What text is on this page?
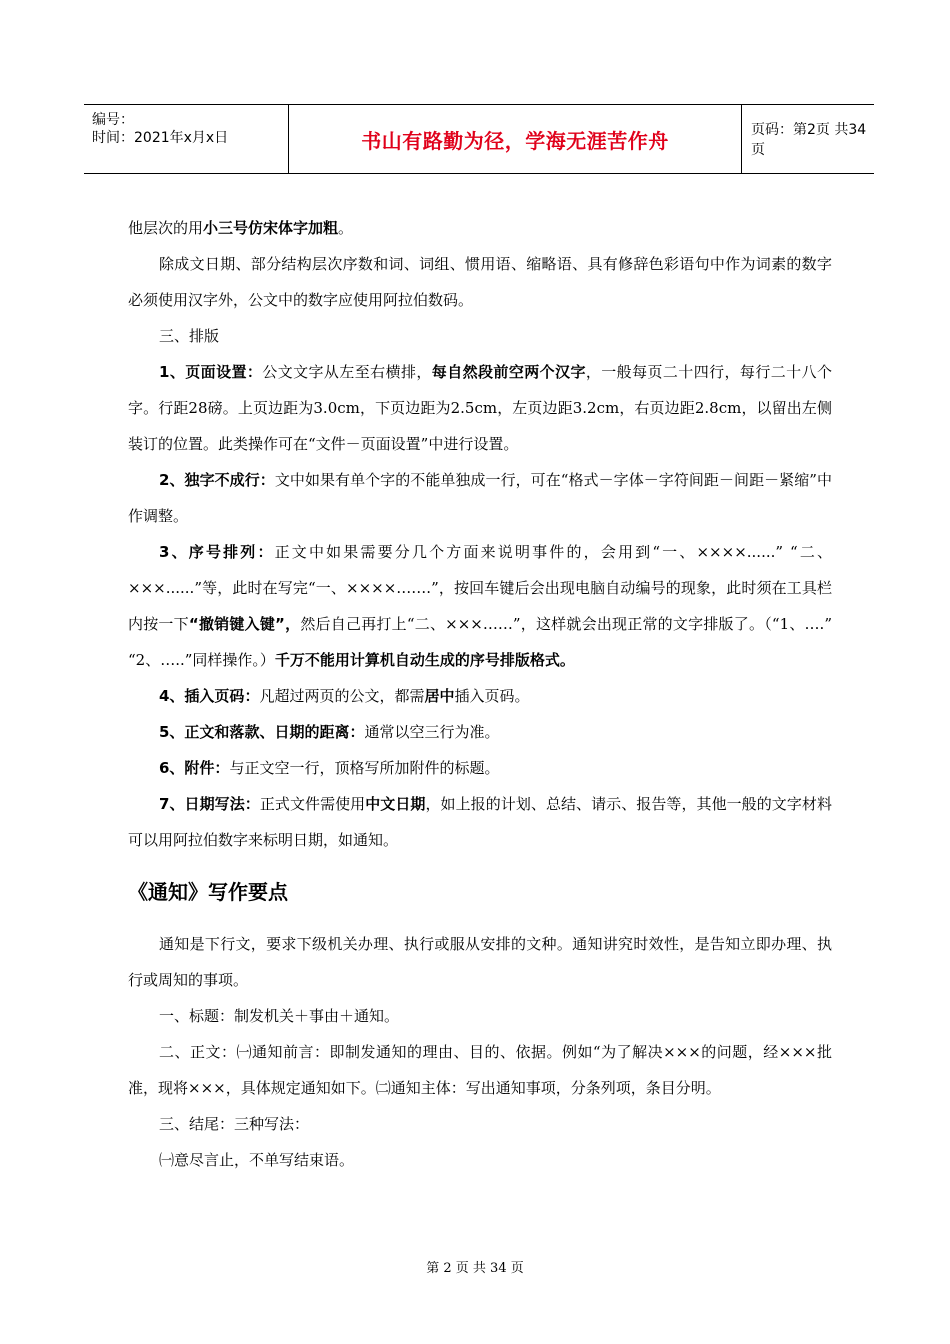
编号：
时间：2021年x月x日	书山有路勤为径，学海无涯苦作舟	页码：第2页 共34页

他层次的用小三号仿宋体字加粗。

除成文日期、部分结构层次序数和词、词组、惯用语、缩略语、具有修辞色彩语句中作为词素的数字必须使用汉字外，公文中的数字应使用阿拉伯数码。

三、排版

1、页面设置：公文文字从左至右横排，每自然段前空两个汉字，一般每页二十四行，每行二十八个字。行距28磅。上页边距为3.0cm，下页边距为2.5cm，左页边距3.2cm，右页边距2.8cm，以留出左侧装订的位置。此类操作可在“文件－页面设置”中进行设置。

2、独字不成行：文中如果有单个字的不能单独成一行，可在“格式－字体－字符间距－间距－紧缩”中作调整。

3、序号排列：正文中如果需要分几个方面来说明事件的，会用到“一、××××......” “二、×××......”等，此时在写完“一、××××…….”，按回车键后会出现电脑自动编号的现象，此时须在工具栏内按一下“撤销键入键”，然后自己再打上“二、×××……”，这样就会出现正常的文字排版了。（“1、….” “2、…..”同样操作。）千万不能用计算机自动生成的序号排版格式。

4、插入页码：凡超过两页的公文，都需居中插入页码。

5、正文和落款、日期的距离：通常以空三行为准。

6、附件：与正文空一行，顶格写所加附件的标题。

7、日期写法：正式文件需使用中文日期，如上报的计划、总结、请示、报告等，其他一般的文字材料可以用阿拉伯数字来标明日期，如通知。

《通知》写作要点

通知是下行文，要求下级机关办理、执行或服从安排的文种。通知讲究时效性，是告知立即办理、执行或周知的事项。

一、标题：制发机关＋事由＋通知。

二、正文：㈠通知前言：即制发通知的理由、目的、依据。例如“为了解决×××的问题，经×××批准，现将×××，具体规定通知如下。㈡通知主体：写出通知事项，分条列项，条目分明。

三、结尾：三种写法：

㈠意尽言止，不单写结束语。

第 2 页 共 34 页
